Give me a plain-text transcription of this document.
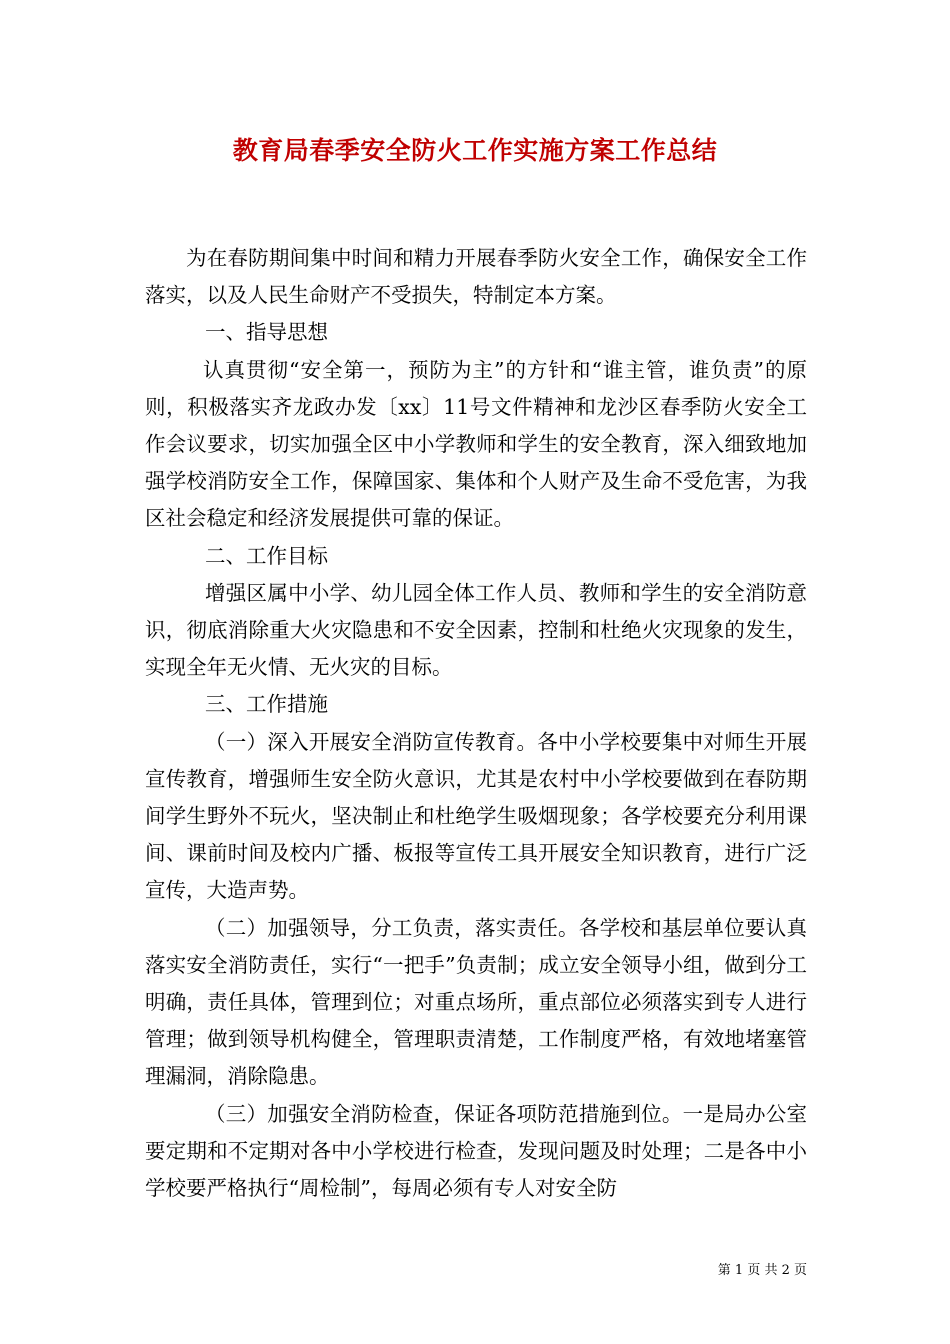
教育局春季安全防火工作实施方案工作总结

为在春防期间集中时间和精力开展春季防火安全工作，确保安全工作落实，以及人民生命财产不受损失，特制定本方案。

一、指导思想

认真贯彻“安全第一，预防为主”的方针和“谁主管，谁负责”的原则，积极落实齐龙政办发〔xx〕11号文件精神和龙沙区春季防火安全工作会议要求，切实加强全区中小学教师和学生的安全教育，深入细致地加强学校消防安全工作，保障国家、集体和个人财产及生命不受危害，为我区社会稳定和经济发展提供可靠的保证。

二、工作目标

增强区属中小学、幼儿园全体工作人员、教师和学生的安全消防意识，彻底消除重大火灾隐患和不安全因素，控制和杜绝火灾现象的发生，实现全年无火情、无火灾的目标。

三、工作措施

（一）深入开展安全消防宣传教育。各中小学校要集中对师生开展宣传教育，增强师生安全防火意识，尤其是农村中小学校要做到在春防期间学生野外不玩火，坚决制止和杜绝学生吸烟现象；各学校要充分利用课间、课前时间及校内广播、板报等宣传工具开展安全知识教育，进行广泛宣传，大造声势。

（二）加强领导，分工负责，落实责任。各学校和基层单位要认真落实安全消防责任，实行“一把手”负责制；成立安全领导小组，做到分工明确，责任具体，管理到位；对重点场所，重点部位必须落实到专人进行管理；做到领导机构健全，管理职责清楚，工作制度严格，有效地堵塞管理漏洞，消除隐患。

（三）加强安全消防检查，保证各项防范措施到位。一是局办公室要定期和不定期对各中小学校进行检查，发现问题及时处理；二是各中小学校要严格执行“周检制”，每周必须有专人对安全防

第 1 页 共 2 页
